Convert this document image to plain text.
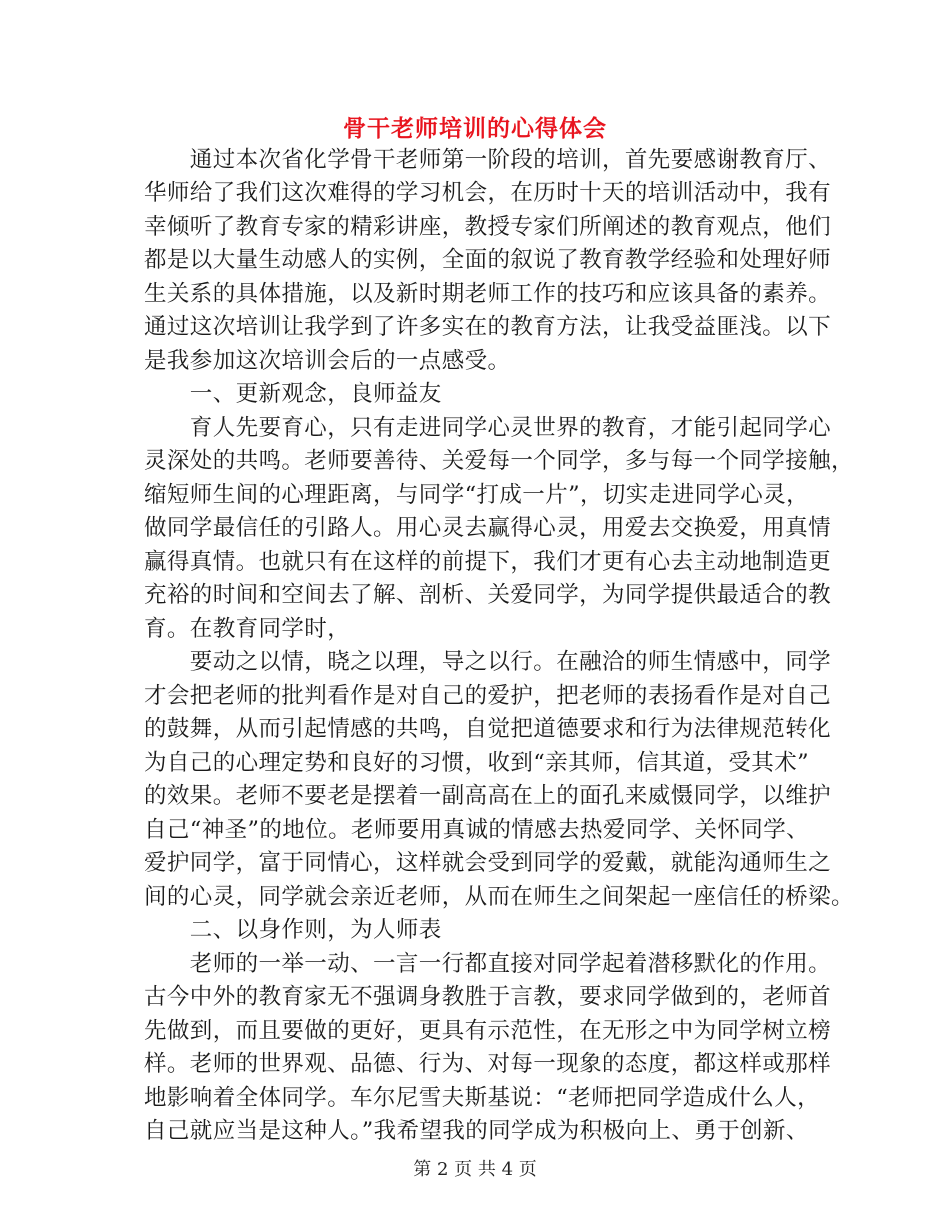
骨干老师培训的心得体会
　　通过本次省化学骨干老师第一阶段的培训，首先要感谢教育厅、
华师给了我们这次难得的学习机会，在历时十天的培训活动中，我有
幸倾听了教育专家的精彩讲座，教授专家们所阐述的教育观点，他们
都是以大量生动感人的实例，全面的叙说了教育教学经验和处理好师
生关系的具体措施，以及新时期老师工作的技巧和应该具备的素养。
通过这次培训让我学到了许多实在的教育方法，让我受益匪浅。以下
是我参加这次培训会后的一点感受。
　　一、更新观念，良师益友
　　育人先要育心，只有走进同学心灵世界的教育，才能引起同学心
灵深处的共鸣。老师要善待、关爱每一个同学，多与每一个同学接触，
缩短师生间的心理距离，与同学“打成一片”，切实走进同学心灵，
做同学最信任的引路人。用心灵去赢得心灵，用爱去交换爱，用真情
赢得真情。也就只有在这样的前提下，我们才更有心去主动地制造更
充裕的时间和空间去了解、剖析、关爱同学，为同学提供最适合的教
育。在教育同学时，
　　要动之以情，晓之以理，导之以行。在融洽的师生情感中，同学
才会把老师的批判看作是对自己的爱护，把老师的表扬看作是对自己
的鼓舞，从而引起情感的共鸣，自觉把道德要求和行为法律规范转化
为自己的心理定势和良好的习惯，收到“亲其师，信其道，受其术”
的效果。老师不要老是摆着一副高高在上的面孔来威慑同学，以维护
自己“神圣”的地位。老师要用真诚的情感去热爱同学、关怀同学、
爱护同学，富于同情心，这样就会受到同学的爱戴，就能沟通师生之
间的心灵，同学就会亲近老师，从而在师生之间架起一座信任的桥梁。
　　二、以身作则，为人师表
　　老师的一举一动、一言一行都直接对同学起着潜移默化的作用。
古今中外的教育家无不强调身教胜于言教，要求同学做到的，老师首
先做到，而且要做的更好，更具有示范性，在无形之中为同学树立榜
样。老师的世界观、品德、行为、对每一现象的态度，都这样或那样
地影响着全体同学。车尔尼雪夫斯基说：“老师把同学造成什么人，
自己就应当是这种人。”我希望我的同学成为积极向上、勇于创新、
第 2 页 共 4 页
